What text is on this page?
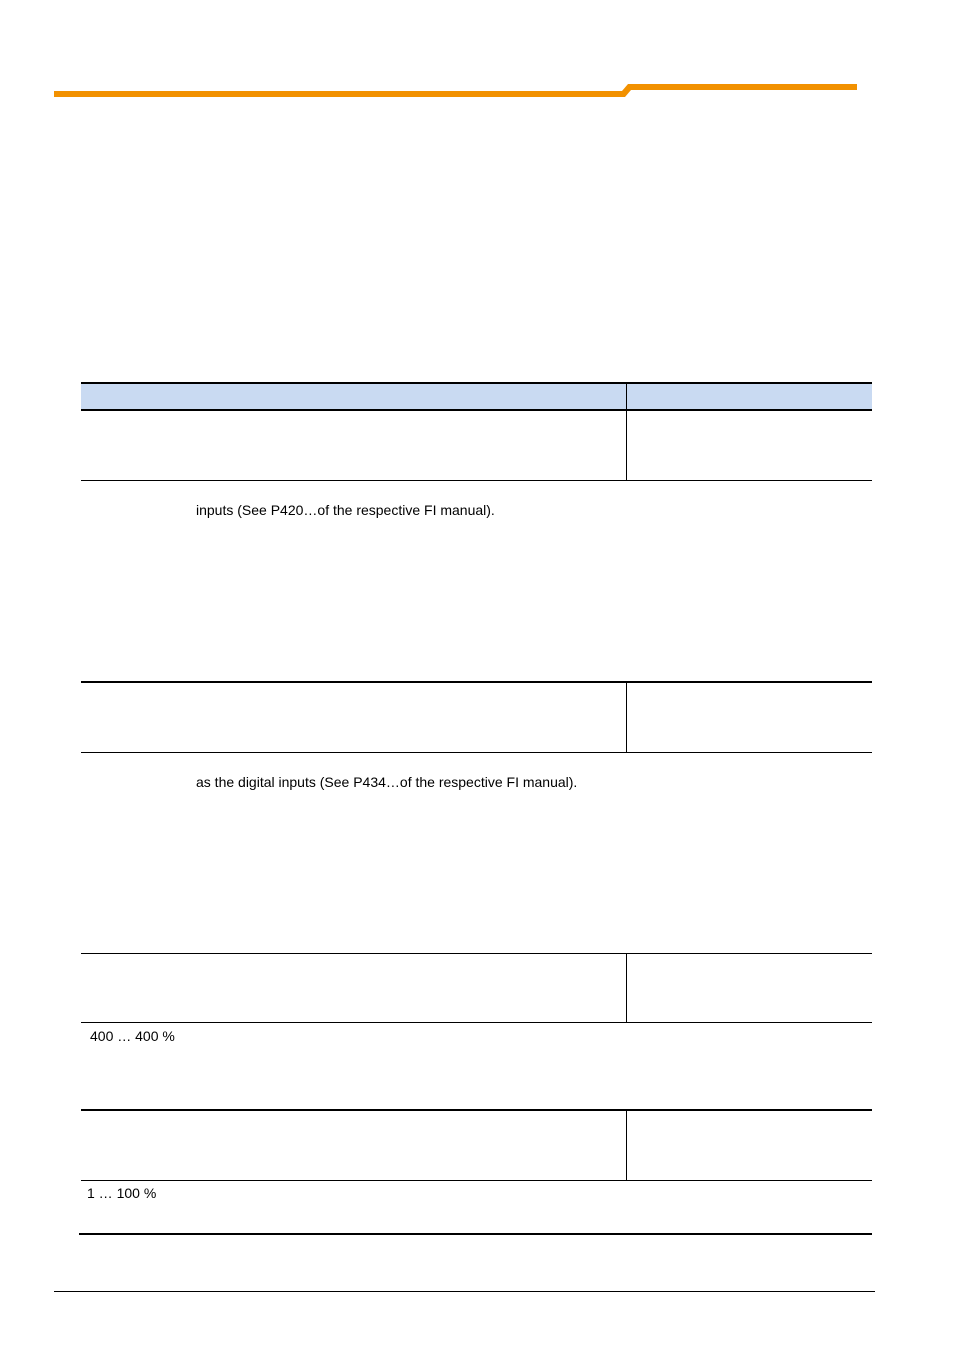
inputs (See P420…of the respective FI manual).
as the digital inputs (See P434…of the respective FI manual).
400 … 400 %
1 … 100 %
